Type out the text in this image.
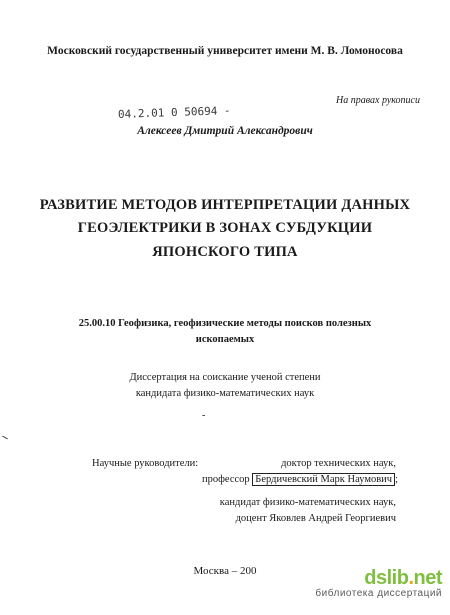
Московский государственный университет имени М. В. Ломоносова
На правах рукописи
04.2.01 0 50694 -
Алексеев Дмитрий Александрович
РАЗВИТИЕ МЕТОДОВ ИНТЕРПРЕТАЦИИ ДАННЫХ
ГЕОЭЛЕКТРИКИ В ЗОНАХ СУБДУКЦИИ
ЯПОНСКОГО ТИПА
25.00.10 Геофизика, геофизические методы поисков полезных
ископаемых
Диссертация на соискание ученой степени
кандидата физико-математических наук
-
Научные руководители:	доктор технических наук,
профессор Бердичевский Марк Наумович ;
кандидат физико-математических наук,
доцент Яковлев Андрей Георгиевич
Москва – 200	dslib.net
библиотека диссертаций
